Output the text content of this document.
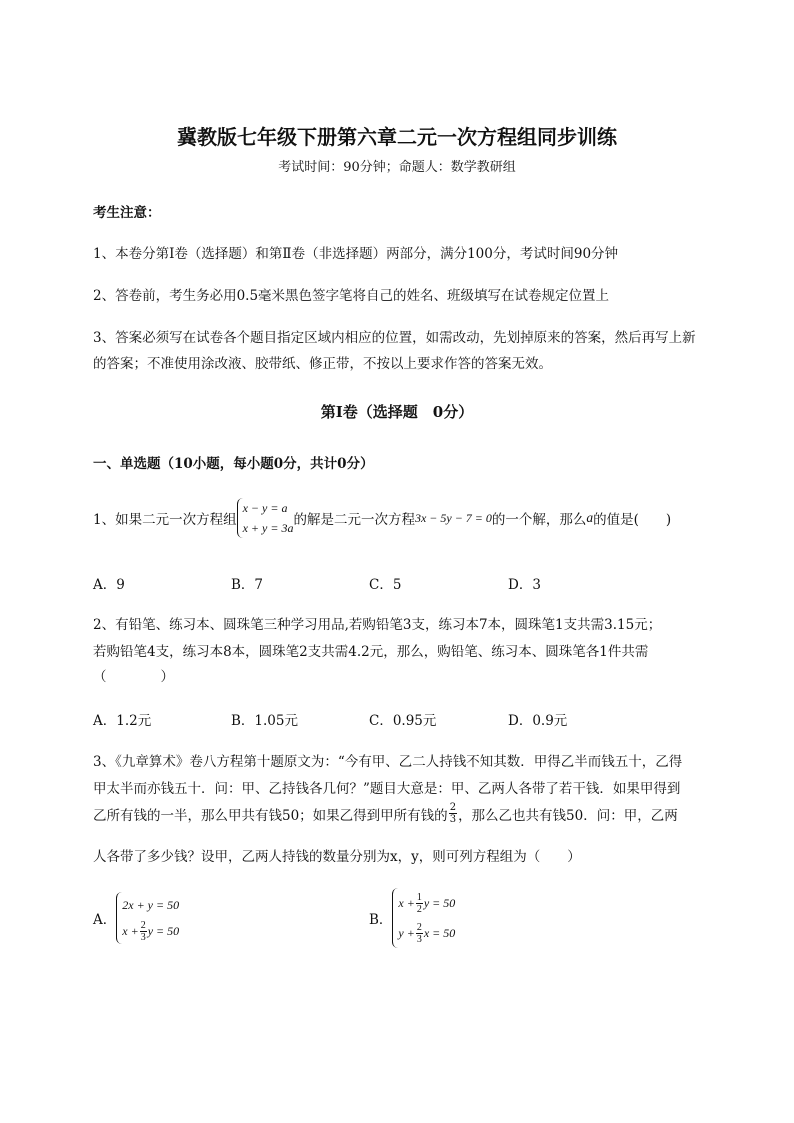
冀教版七年级下册第六章二元一次方程组同步训练
考试时间：90分钟；命题人：数学教研组
考生注意：
1、本卷分第Ⅰ卷（选择题）和第Ⅱ卷（非选择题）两部分，满分100分，考试时间90分钟
2、答卷前，考生务必用0.5毫米黑色签字笔将自己的姓名、班级填写在试卷规定位置上
3、答案必须写在试卷各个题目指定区域内相应的位置，如需改动，先划掉原来的答案，然后再写上新
的答案；不准使用涂改液、胶带纸、修正带，不按以上要求作答的答案无效。
第Ⅰ卷（选择题　0分）
一、单选题（10小题，每小题0分，共计0分）
1、如果二元一次方程组
x − y = a
x + y = 3a 的解是二元一次方程 3x − 5y − 7 = 0 的一个解，那么 a 的值是(　　)
A．9	B．7	C．5	D．3
2、有铅笔、练习本、圆珠笔三种学习用品,若购铅笔3支，练习本7本，圆珠笔1支共需3.15元；
若购铅笔4支，练习本8本，圆珠笔2支共需4.2元，那么，购铅笔、练习本、圆珠笔各1件共需
（　　　　）
A．1.2元	B．1.05元	C．0.95元	D．0.9元
3、《九章算术》卷八方程第十题原文为：“今有甲、乙二人持钱不知其数．甲得乙半而钱五十，乙得
甲太半而亦钱五十．问：甲、乙持钱各几何？”题目大意是：甲、乙两人各带了若干钱．如果甲得到
乙所有钱的一半，那么甲共有钱50；如果乙得到甲所有钱的 $\frac{2}{3}$ ，那么乙也共有钱50．问：甲，乙两
人各带了多少钱？设甲，乙两人持钱的数量分别为x，y，则可列方程组为（　　）
A．
2x + y = 50
$x + \frac{2}{3}$ y = 50
B．
$x + \frac{1}{2}$ y = 50
$y + \frac{2}{3}$ x = 50
